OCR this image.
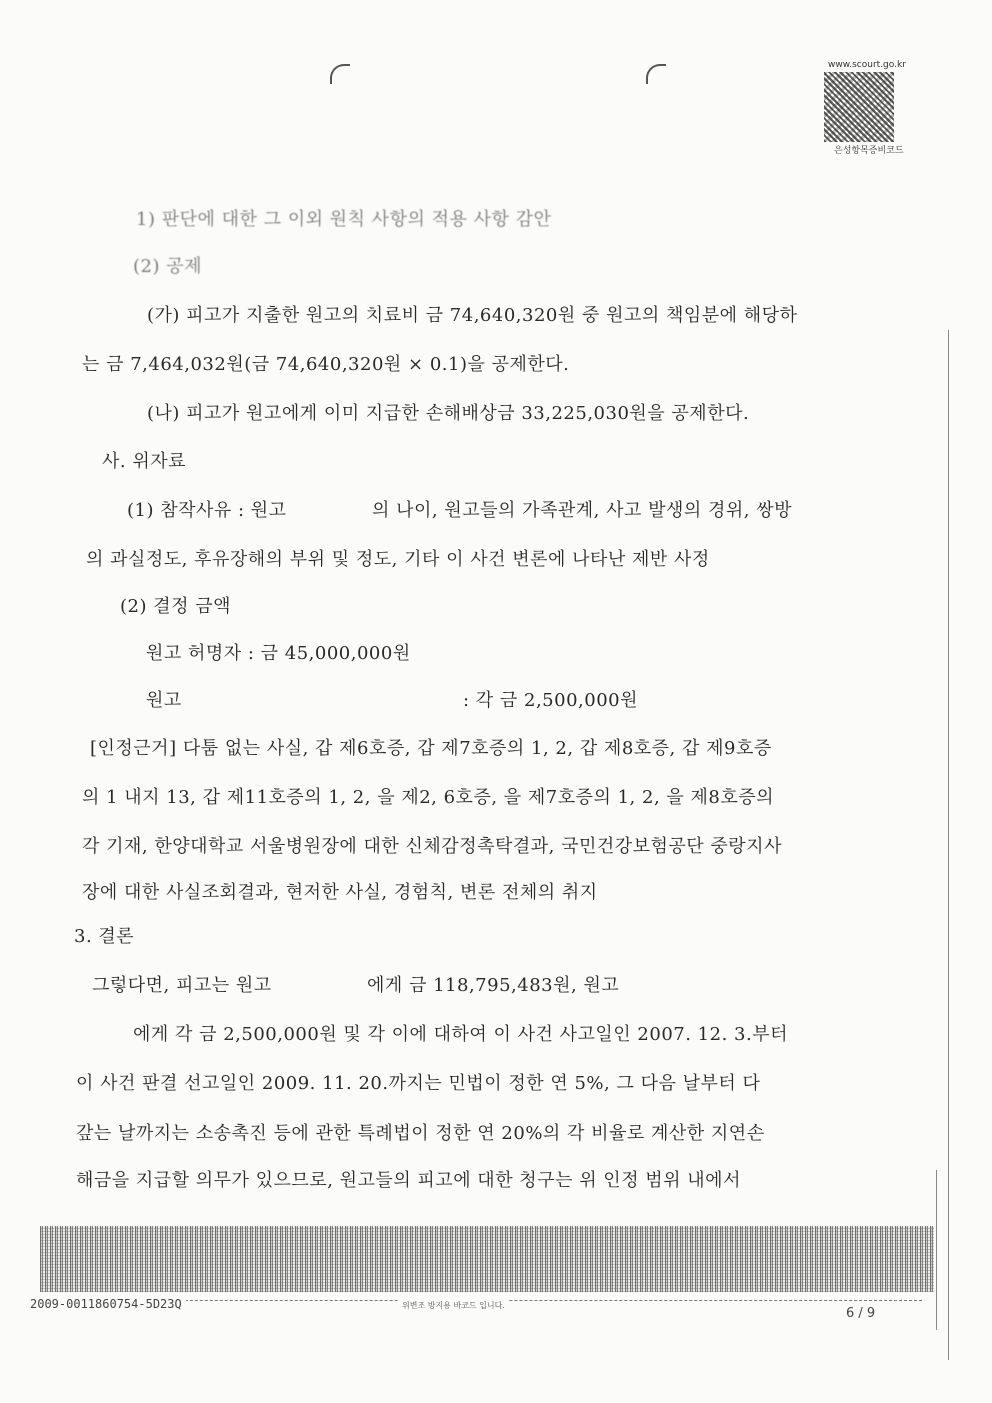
www.scourt.go.kr
은성항목증비코드
1) 판단에 대한 그 이외 원칙 사항의 적용 사항 감안
(2) 공제
(가) 피고가 지출한 원고의 치료비 금 74,640,320원 중 원고의 책임분에 해당하
는 금 7,464,032원(금 74,640,320원 × 0.1)을 공제한다.
(나) 피고가 원고에게 이미 지급한 손해배상금 33,225,030원을 공제한다.
사. 위자료
(1) 참작사유 : 원고	의 나이, 원고들의 가족관계, 사고 발생의 경위, 쌍방
의 과실정도, 후유장해의 부위 및 정도, 기타 이 사건 변론에 나타난 제반 사정
(2) 결정 금액
원고 허명자 : 금 45,000,000원
원고	: 각 금 2,500,000원
[인정근거] 다툼 없는 사실, 갑 제6호증, 갑 제7호증의 1, 2, 갑 제8호증, 갑 제9호증
의 1 내지 13, 갑 제11호증의 1, 2, 을 제2, 6호증, 을 제7호증의 1, 2, 을 제8호증의
각 기재, 한양대학교 서울병원장에 대한 신체감정촉탁결과, 국민건강보험공단 중랑지사
장에 대한 사실조회결과, 현저한 사실, 경험칙, 변론 전체의 취지
3. 결론
그렇다면, 피고는 원고	에게 금 118,795,483원, 원고
에게 각 금 2,500,000원 및 각 이에 대하여 이 사건 사고일인 2007. 12. 3.부터
이 사건 판결 선고일인 2009. 11. 20.까지는 민법이 정한 연 5%, 그 다음 날부터 다
갚는 날까지는 소송촉진 등에 관한 특례법이 정한 연 20%의 각 비율로 계산한 지연손
해금을 지급할 의무가 있으므로, 원고들의 피고에 대한 청구는 위 인정 범위 내에서
2009-0011860754-5D23Q	위변조 방지용 바코드 입니다.
6 / 9
